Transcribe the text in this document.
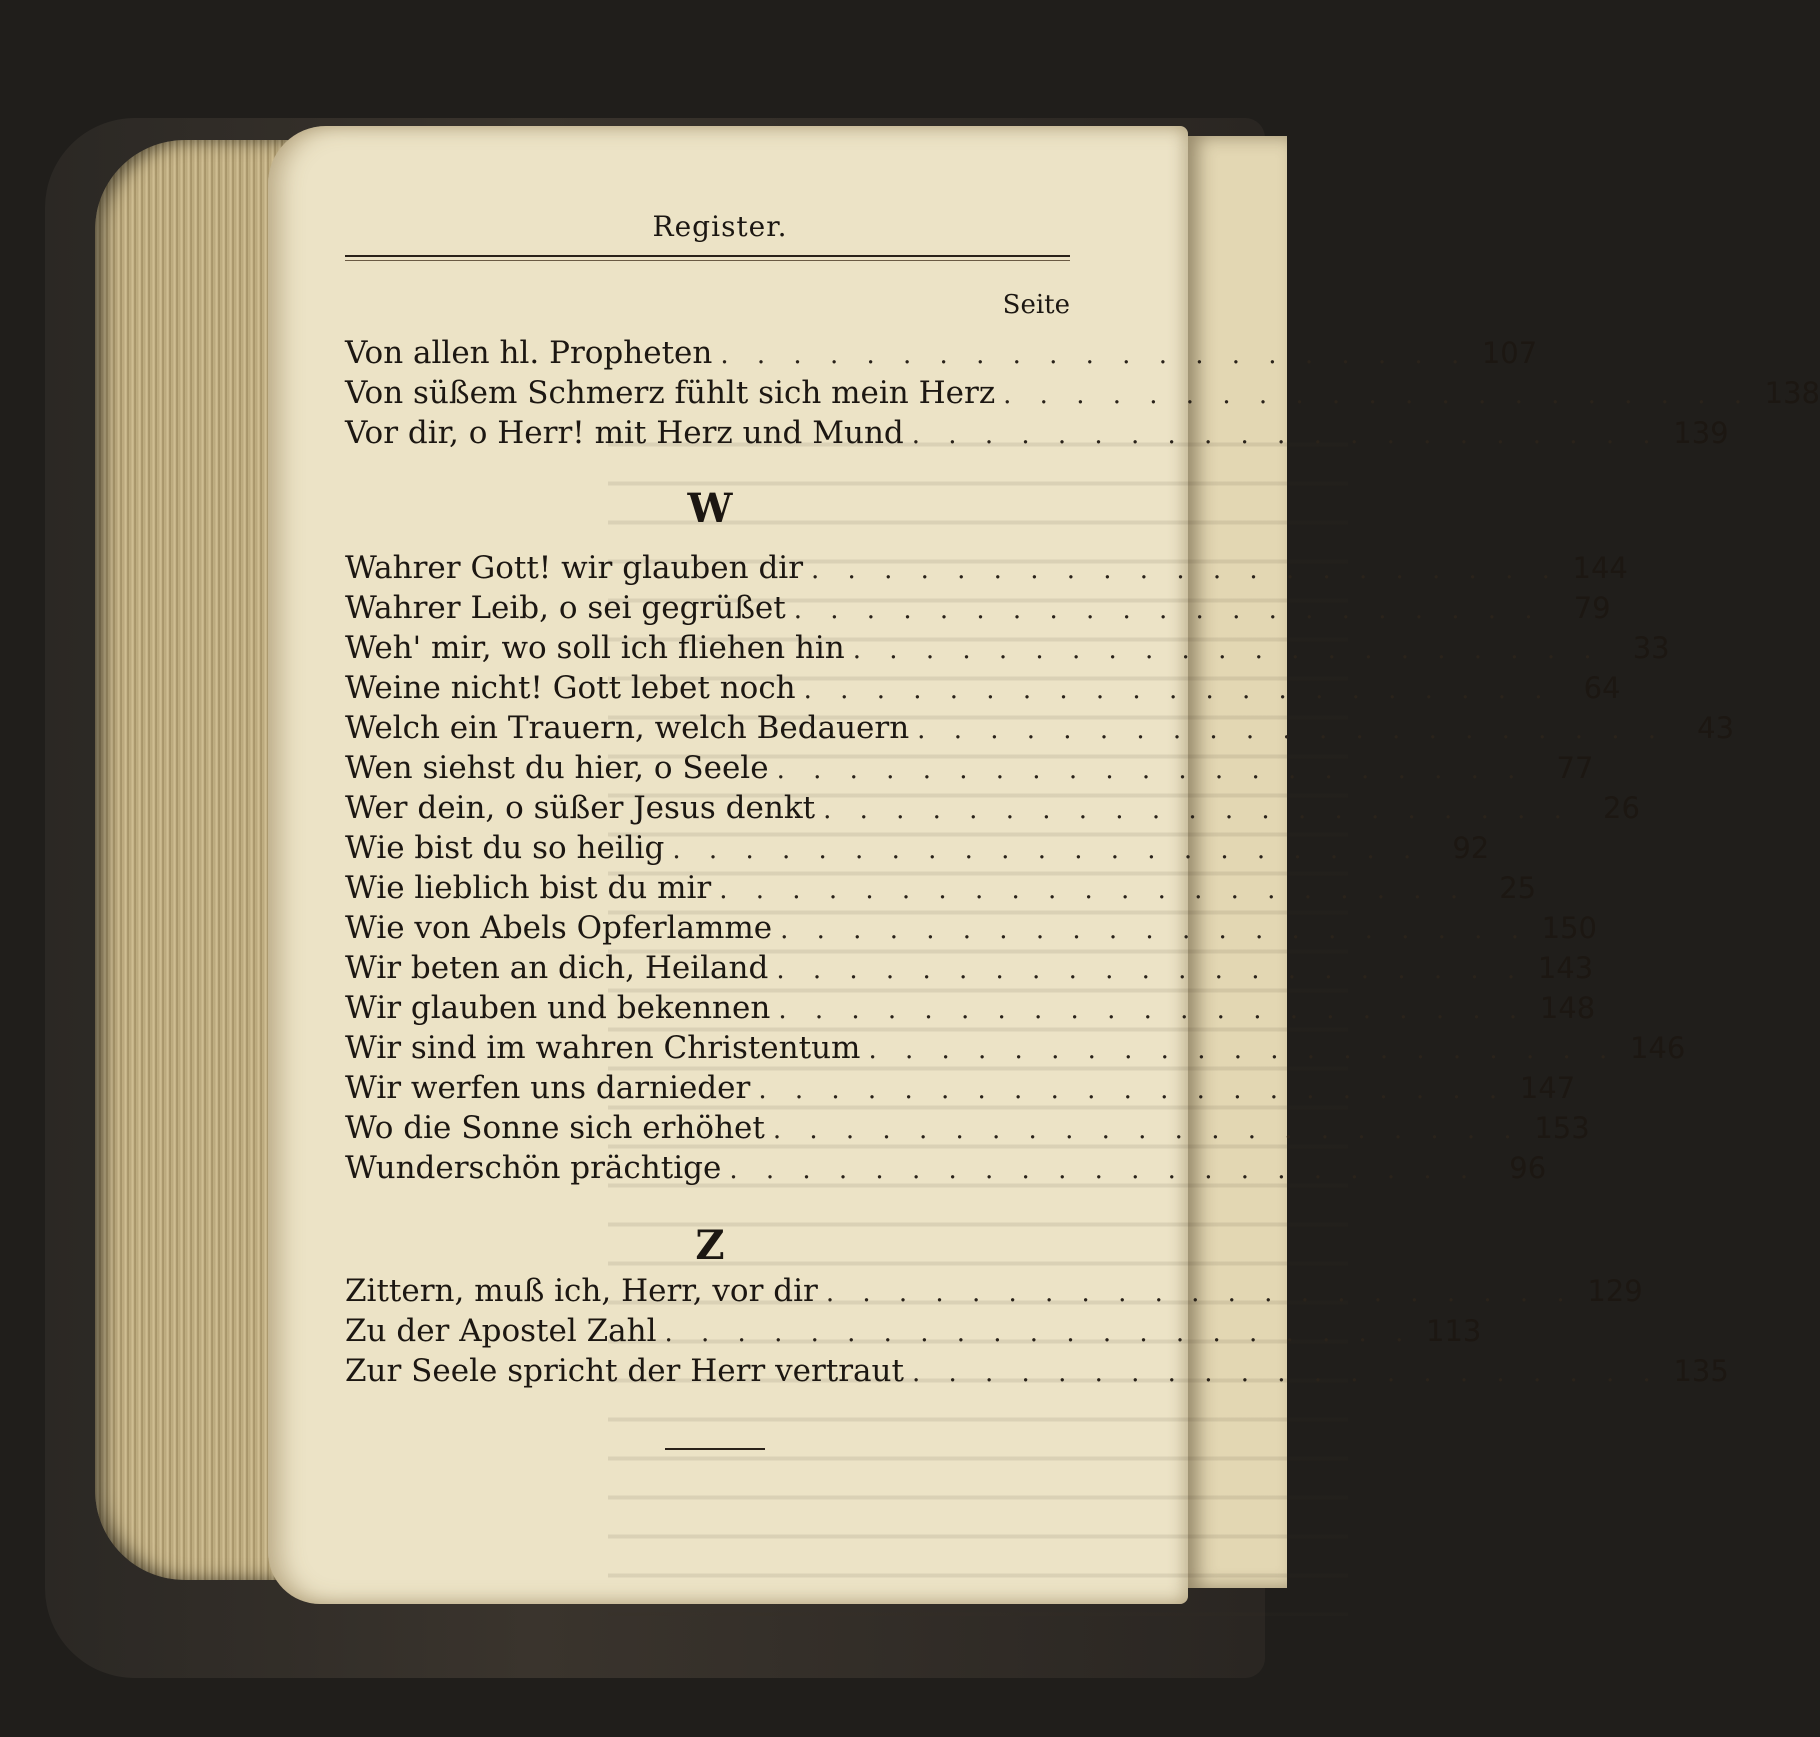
Register.
Seite
Von allen hl. Propheten . . . . . . . . . . . . . . . . . . . . . 107
Von süßem Schmerz fühlt sich mein Herz . . . . . . . . . . . . . . . . . . . . . 138
Vor dir, o Herr! mit Herz und Mund . . . . . . . . . . . . . . . . . . . . . 139
W
Wahrer Gott! wir glauben dir . . . . . . . . . . . . . . . . . . . . . 144
Wahrer Leib, o sei gegrüßet . . . . . . . . . . . . . . . . . . . . .	79
Weh' mir, wo soll ich fliehen hin . . . . . . . . . . . . . . . . . . . . .	33
Weine nicht! Gott lebet noch . . . . . . . . . . . . . . . . . . . . .	64
Welch ein Trauern, welch Bedauern . . . . . . . . . . . . . . . . . . . . .	43
Wen siehst du hier, o Seele . . . . . . . . . . . . . . . . . . . . .	77
Wer dein, o süßer Jesus denkt . . . . . . . . . . . . . . . . . . . . .	26
Wie bist du so heilig . . . . . . . . . . . . . . . . . . . . .	92
Wie lieblich bist du mir . . . . . . . . . . . . . . . . . . . . .	25
Wie von Abels Opferlamme . . . . . . . . . . . . . . . . . . . . . 150
Wir beten an dich, Heiland . . . . . . . . . . . . . . . . . . . . . 143
Wir glauben und bekennen . . . . . . . . . . . . . . . . . . . . . 148
Wir sind im wahren Christentum . . . . . . . . . . . . . . . . . . . . . 146
Wir werfen uns darnieder . . . . . . . . . . . . . . . . . . . . . 147
Wo die Sonne sich erhöhet . . . . . . . . . . . . . . . . . . . . . 153
Wunderschön prächtige . . . . . . . . . . . . . . . . . . . . .	96
Z
Zittern, muß ich, Herr, vor dir . . . . . . . . . . . . . . . . . . . . . 129
Zu der Apostel Zahl . . . . . . . . . . . . . . . . . . . . . 113
Zur Seele spricht der Herr vertraut . . . . . . . . . . . . . . . . . . . . . 135
